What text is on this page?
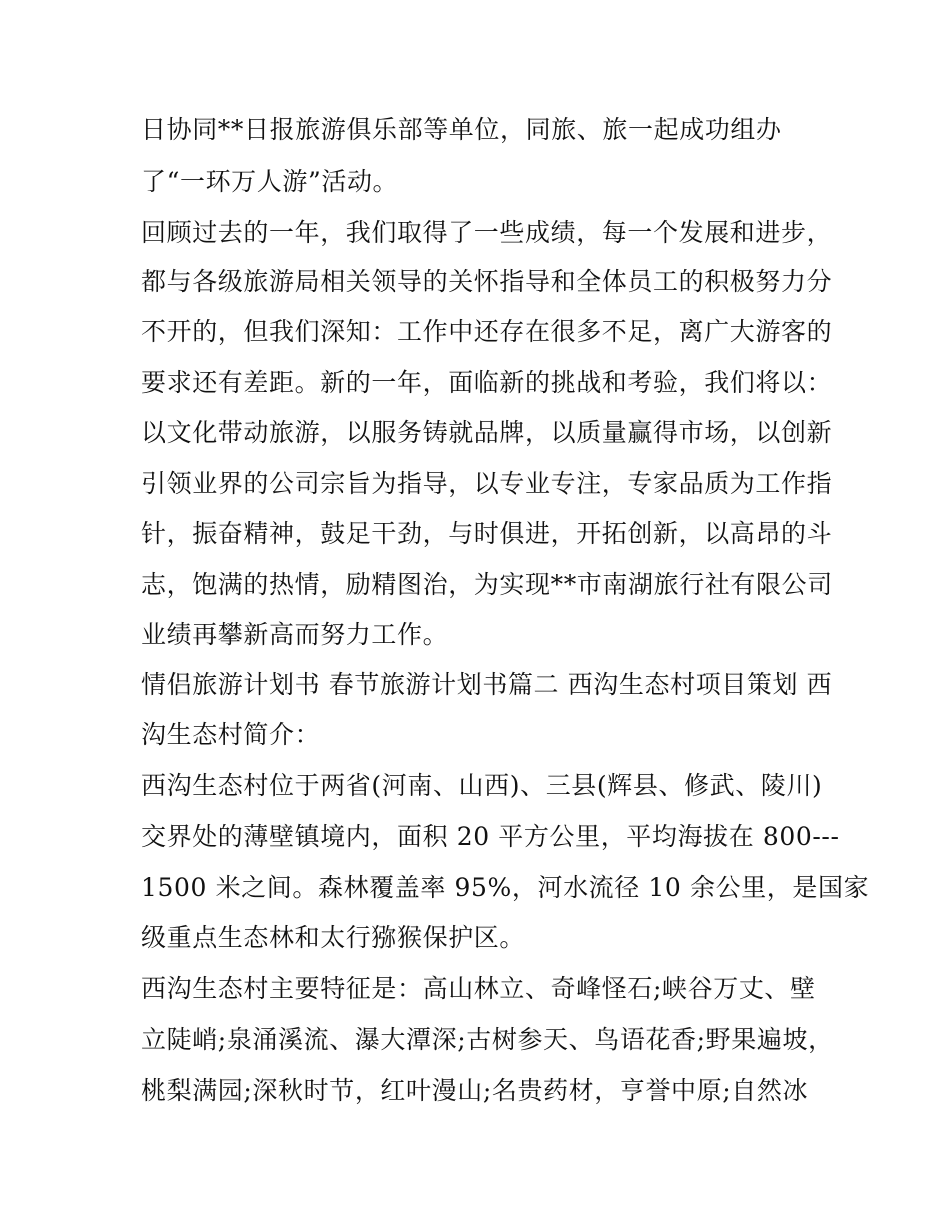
日协同**日报旅游俱乐部等单位，同旅、旅一起成功组办
了“一环万人游”活动。
回顾过去的一年，我们取得了一些成绩，每一个发展和进步，
都与各级旅游局相关领导的关怀指导和全体员工的积极努力分
不开的，但我们深知：工作中还存在很多不足，离广大游客的
要求还有差距。新的一年，面临新的挑战和考验，我们将以：
以文化带动旅游，以服务铸就品牌，以质量赢得市场，以创新
引领业界的公司宗旨为指导，以专业专注，专家品质为工作指
针，振奋精神，鼓足干劲，与时俱进，开拓创新，以高昂的斗
志，饱满的热情，励精图治，为实现**市南湖旅行社有限公司
业绩再攀新高而努力工作。
情侣旅游计划书 春节旅游计划书篇二 西沟生态村项目策划 西
沟生态村简介：
西沟生态村位于两省(河南、山西)、三县(辉县、修武、陵川)
交界处的薄壁镇境内，面积 20 平方公里，平均海拔在 800---
1500 米之间。森林覆盖率 95%，河水流径 10 余公里，是国家
级重点生态林和太行猕猴保护区。
西沟生态村主要特征是：高山林立、奇峰怪石;峡谷万丈、壁
立陡峭;泉涌溪流、瀑大潭深;古树参天、鸟语花香;野果遍坡，
桃梨满园;深秋时节，红叶漫山;名贵药材，亨誉中原;自然冰
